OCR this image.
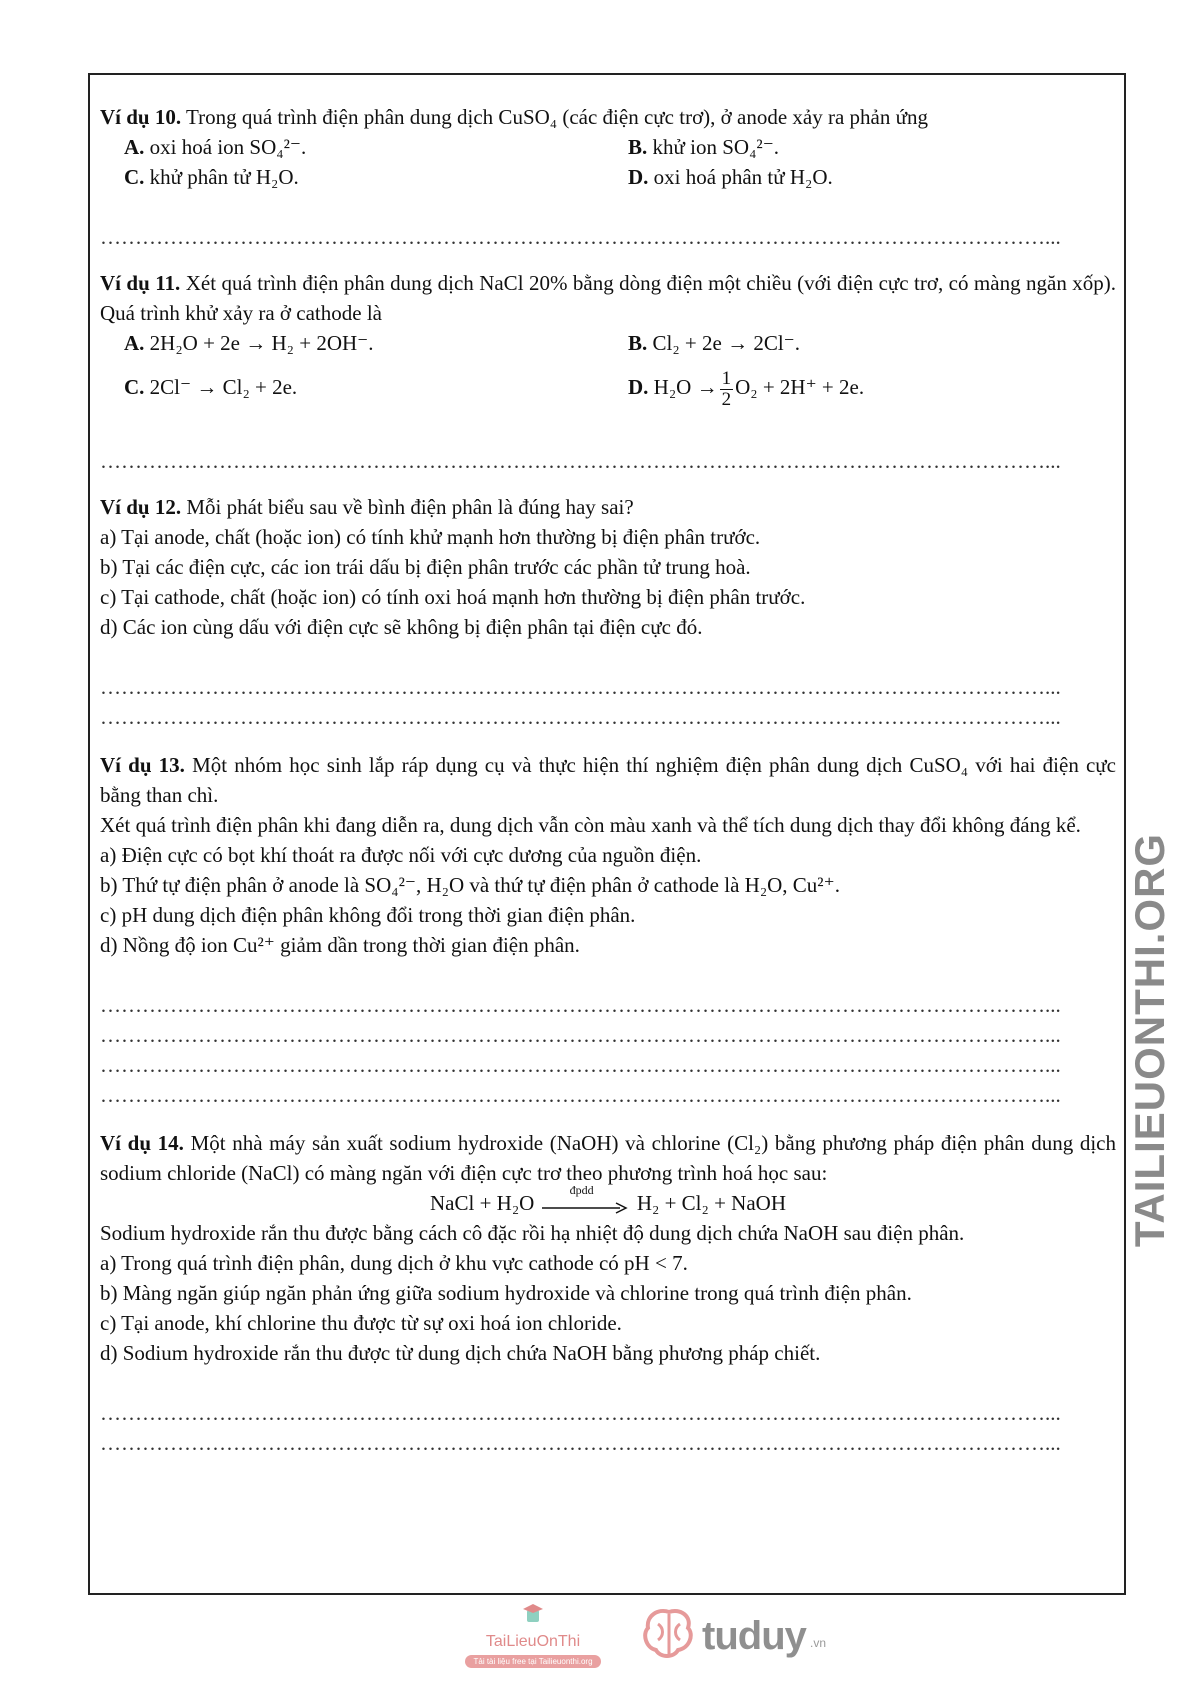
Ví dụ 10. Trong quá trình điện phân dung dịch CuSO₄ (các điện cực trơ), ở anode xảy ra phản ứng

A. oxi hoá ion SO₄²⁻.	B. khử ion SO₄²⁻.
C. khử phân tử H₂O.	D. oxi hoá phân tử H₂O.
………………………………………………………………………………………………………………………...

Ví dụ 11. Xét quá trình điện phân dung dịch NaCl 20% bằng dòng điện một chiều (với điện cực trơ, có màng ngăn xốp). Quá trình khử xảy ra ở cathode là

A. 2H₂O + 2e → H₂ + 2OH⁻.	B. Cl₂ + 2e → 2Cl⁻.
C. 2Cl⁻ → Cl₂ + 2e.	D. $H_2O \to \frac{1}{2} O_2 + 2H^+ + 2e$.
………………………………………………………………………………………………………………………...

Ví dụ 12. Mỗi phát biểu sau về bình điện phân là đúng hay sai?

a) Tại anode, chất (hoặc ion) có tính khử mạnh hơn thường bị điện phân trước.

b) Tại các điện cực, các ion trái dấu bị điện phân trước các phần tử trung hoà.

c) Tại cathode, chất (hoặc ion) có tính oxi hoá mạnh hơn thường bị điện phân trước.

d) Các ion cùng dấu với điện cực sẽ không bị điện phân tại điện cực đó.

………………………………………………………………………………………………………………………...
………………………………………………………………………………………………………………………...

Ví dụ 13. Một nhóm học sinh lắp ráp dụng cụ và thực hiện thí nghiệm điện phân dung dịch CuSO₄ với hai điện cực bằng than chì.

Xét quá trình điện phân khi đang diễn ra, dung dịch vẫn còn màu xanh và thể tích dung dịch thay đổi không đáng kể.

a) Điện cực có bọt khí thoát ra được nối với cực dương của nguồn điện.

b) Thứ tự điện phân ở anode là SO₄²⁻, H₂O và thứ tự điện phân ở cathode là H₂O, Cu²⁺.

c) pH dung dịch điện phân không đổi trong thời gian điện phân.

d) Nồng độ ion Cu²⁺ giảm dần trong thời gian điện phân.

………………………………………………………………………………………………………………………...
………………………………………………………………………………………………………………………...
………………………………………………………………………………………………………………………...
………………………………………………………………………………………………………………………...

Ví dụ 14. Một nhà máy sản xuất sodium hydroxide (NaOH) và chlorine (Cl₂) bằng phương pháp điện phân dung dịch sodium chloride (NaCl) có màng ngăn với điện cực trơ theo phương trình hoá học sau:

NaCl + H₂O
đpdd
H₂ + Cl₂ + NaOH

Sodium hydroxide rắn thu được bằng cách cô đặc rồi hạ nhiệt độ dung dịch chứa NaOH sau điện phân.

a) Trong quá trình điện phân, dung dịch ở khu vực cathode có pH < 7.

b) Màng ngăn giúp ngăn phản ứng giữa sodium hydroxide và chlorine trong quá trình điện phân.

c) Tại anode, khí chlorine thu được từ sự oxi hoá ion chloride.

d) Sodium hydroxide rắn thu được từ dung dịch chứa NaOH bằng phương pháp chiết.

………………………………………………………………………………………………………………………...
………………………………………………………………………………………………………………………...
TAILIEUONTHI.ORG
TaiLieuOnThi
Tải tài liệu free tại Tailieuonthi.org
tuduy .vn
